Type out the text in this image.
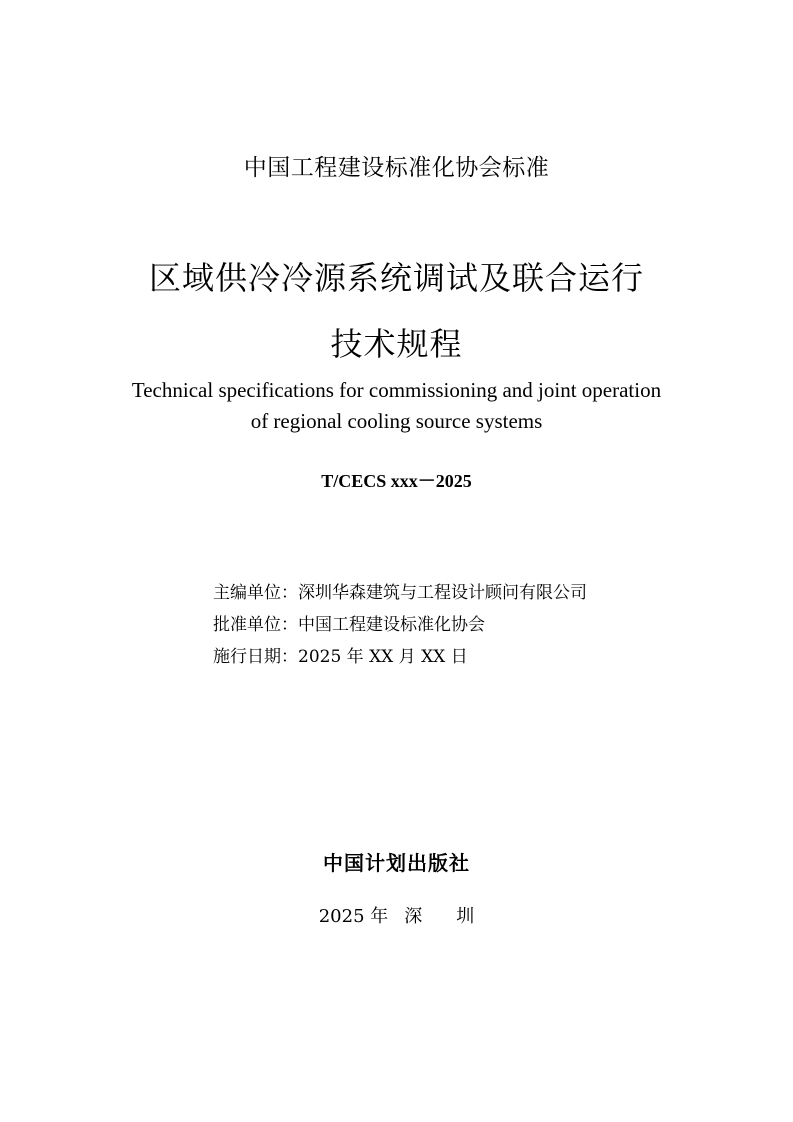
中国工程建设标准化协会标准
区域供冷冷源系统调试及联合运行
技术规程
Technical specifications for commissioning and joint operation
of regional cooling source systems
T/CECS xxx－2025
主编单位：深圳华森建筑与工程设计顾问有限公司
批准单位：中国工程建设标准化协会
施行日期：2025 年 XX 月 XX 日
中国计划出版社
2025 年 深 圳
